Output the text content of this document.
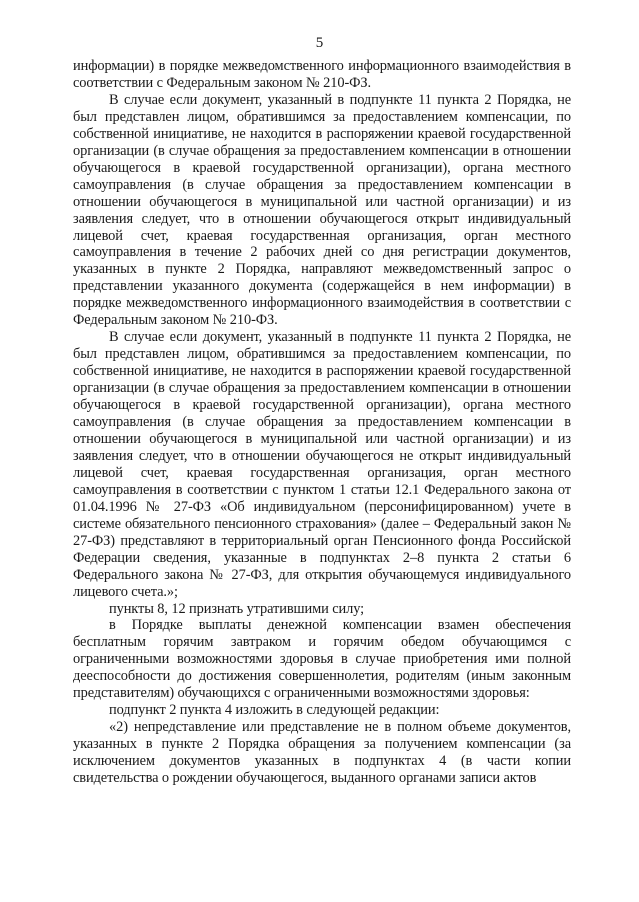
5

информации) в порядке межведомственного информационного взаимодействия в соответствии с Федеральным законом № 210-ФЗ.

В случае если документ, указанный в подпункте 11 пункта 2 Порядка, не был представлен лицом, обратившимся за предоставлением компенсации, по собственной инициативе, не находится в распоряжении краевой государственной организации (в случае обращения за предоставлением компенсации в отношении обучающегося в краевой государственной организации), органа местного самоуправления (в случае обращения за предоставлением компенсации в отношении обучающегося в муниципальной или частной организации) и из заявления следует, что в отношении обучающегося открыт индивидуальный лицевой счет, краевая государственная организация, орган местного самоуправления в течение 2 рабочих дней со дня регистрации документов, указанных в пункте 2 Порядка, направляют межведомственный запрос о представлении указанного документа (содержащейся в нем информации) в порядке межведомственного информационного взаимодействия в соответствии с Федеральным законом № 210-ФЗ.

В случае если документ, указанный в подпункте 11 пункта 2 Порядка, не был представлен лицом, обратившимся за предоставлением компенсации, по собственной инициативе, не находится в распоряжении краевой государственной организации (в случае обращения за предоставлением компенсации в отношении обучающегося в краевой государственной организации), органа местного самоуправления (в случае обращения за предоставлением компенсации в отношении обучающегося в муниципальной или частной организации) и из заявления следует, что в отношении обучающегося не открыт индивидуальный лицевой счет, краевая государственная организация, орган местного самоуправления в соответствии с пунктом 1 статьи 12.1 Федерального закона от 01.04.1996 № 27-ФЗ «Об индивидуальном (персонифицированном) учете в системе обязательного пенсионного страхования» (далее – Федеральный закон № 27-ФЗ) представляют в территориальный орган Пенсионного фонда Российской Федерации сведения, указанные в подпунктах 2–8 пункта 2 статьи 6 Федерального закона № 27-ФЗ, для открытия обучающемуся индивидуального лицевого счета.»;

пункты 8, 12 признать утратившими силу;

в Порядке выплаты денежной компенсации взамен обеспечения бесплатным горячим завтраком и горячим обедом обучающимся с ограниченными возможностями здоровья в случае приобретения ими полной дееспособности до достижения совершеннолетия, родителям (иным законным представителям) обучающихся с ограниченными возможностями здоровья:

подпункт 2 пункта 4 изложить в следующей редакции:

«2) непредставление или представление не в полном объеме документов, указанных в пункте 2 Порядка обращения за получением компенсации (за исключением документов указанных в подпунктах 4 (в части копии свидетельства о рождении обучающегося, выданного органами записи актов
